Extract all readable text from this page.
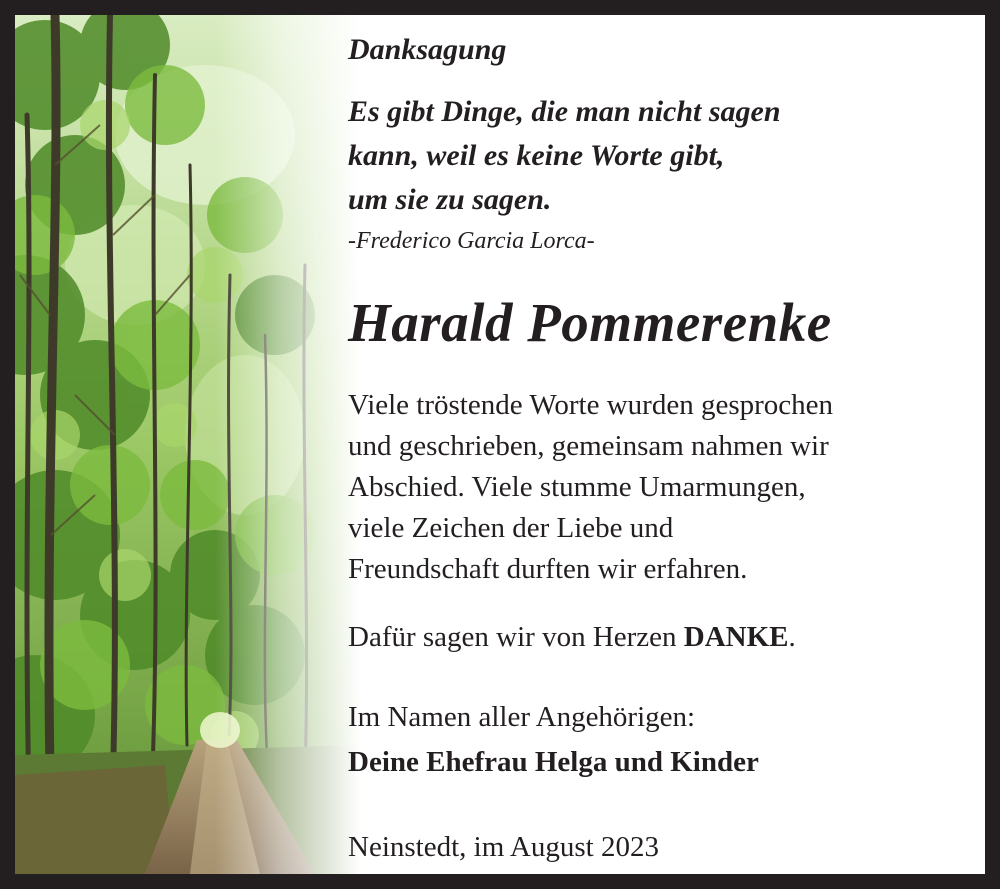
Danksagung

Es gibt Dinge, die man nicht sagen
kann, weil es keine Worte gibt,
um sie zu sagen.

-Frederico Garcia Lorca-
Harald Pommerenke

Viele tröstende Worte wurden gesprochen
und geschrieben, gemeinsam nahmen wir
Abschied. Viele stumme Umarmungen,
viele Zeichen der Liebe und
Freundschaft durften wir erfahren.

Dafür sagen wir von Herzen DANKE.

Im Namen aller Angehörigen:

Deine Ehefrau Helga und Kinder

Neinstedt, im August 2023
